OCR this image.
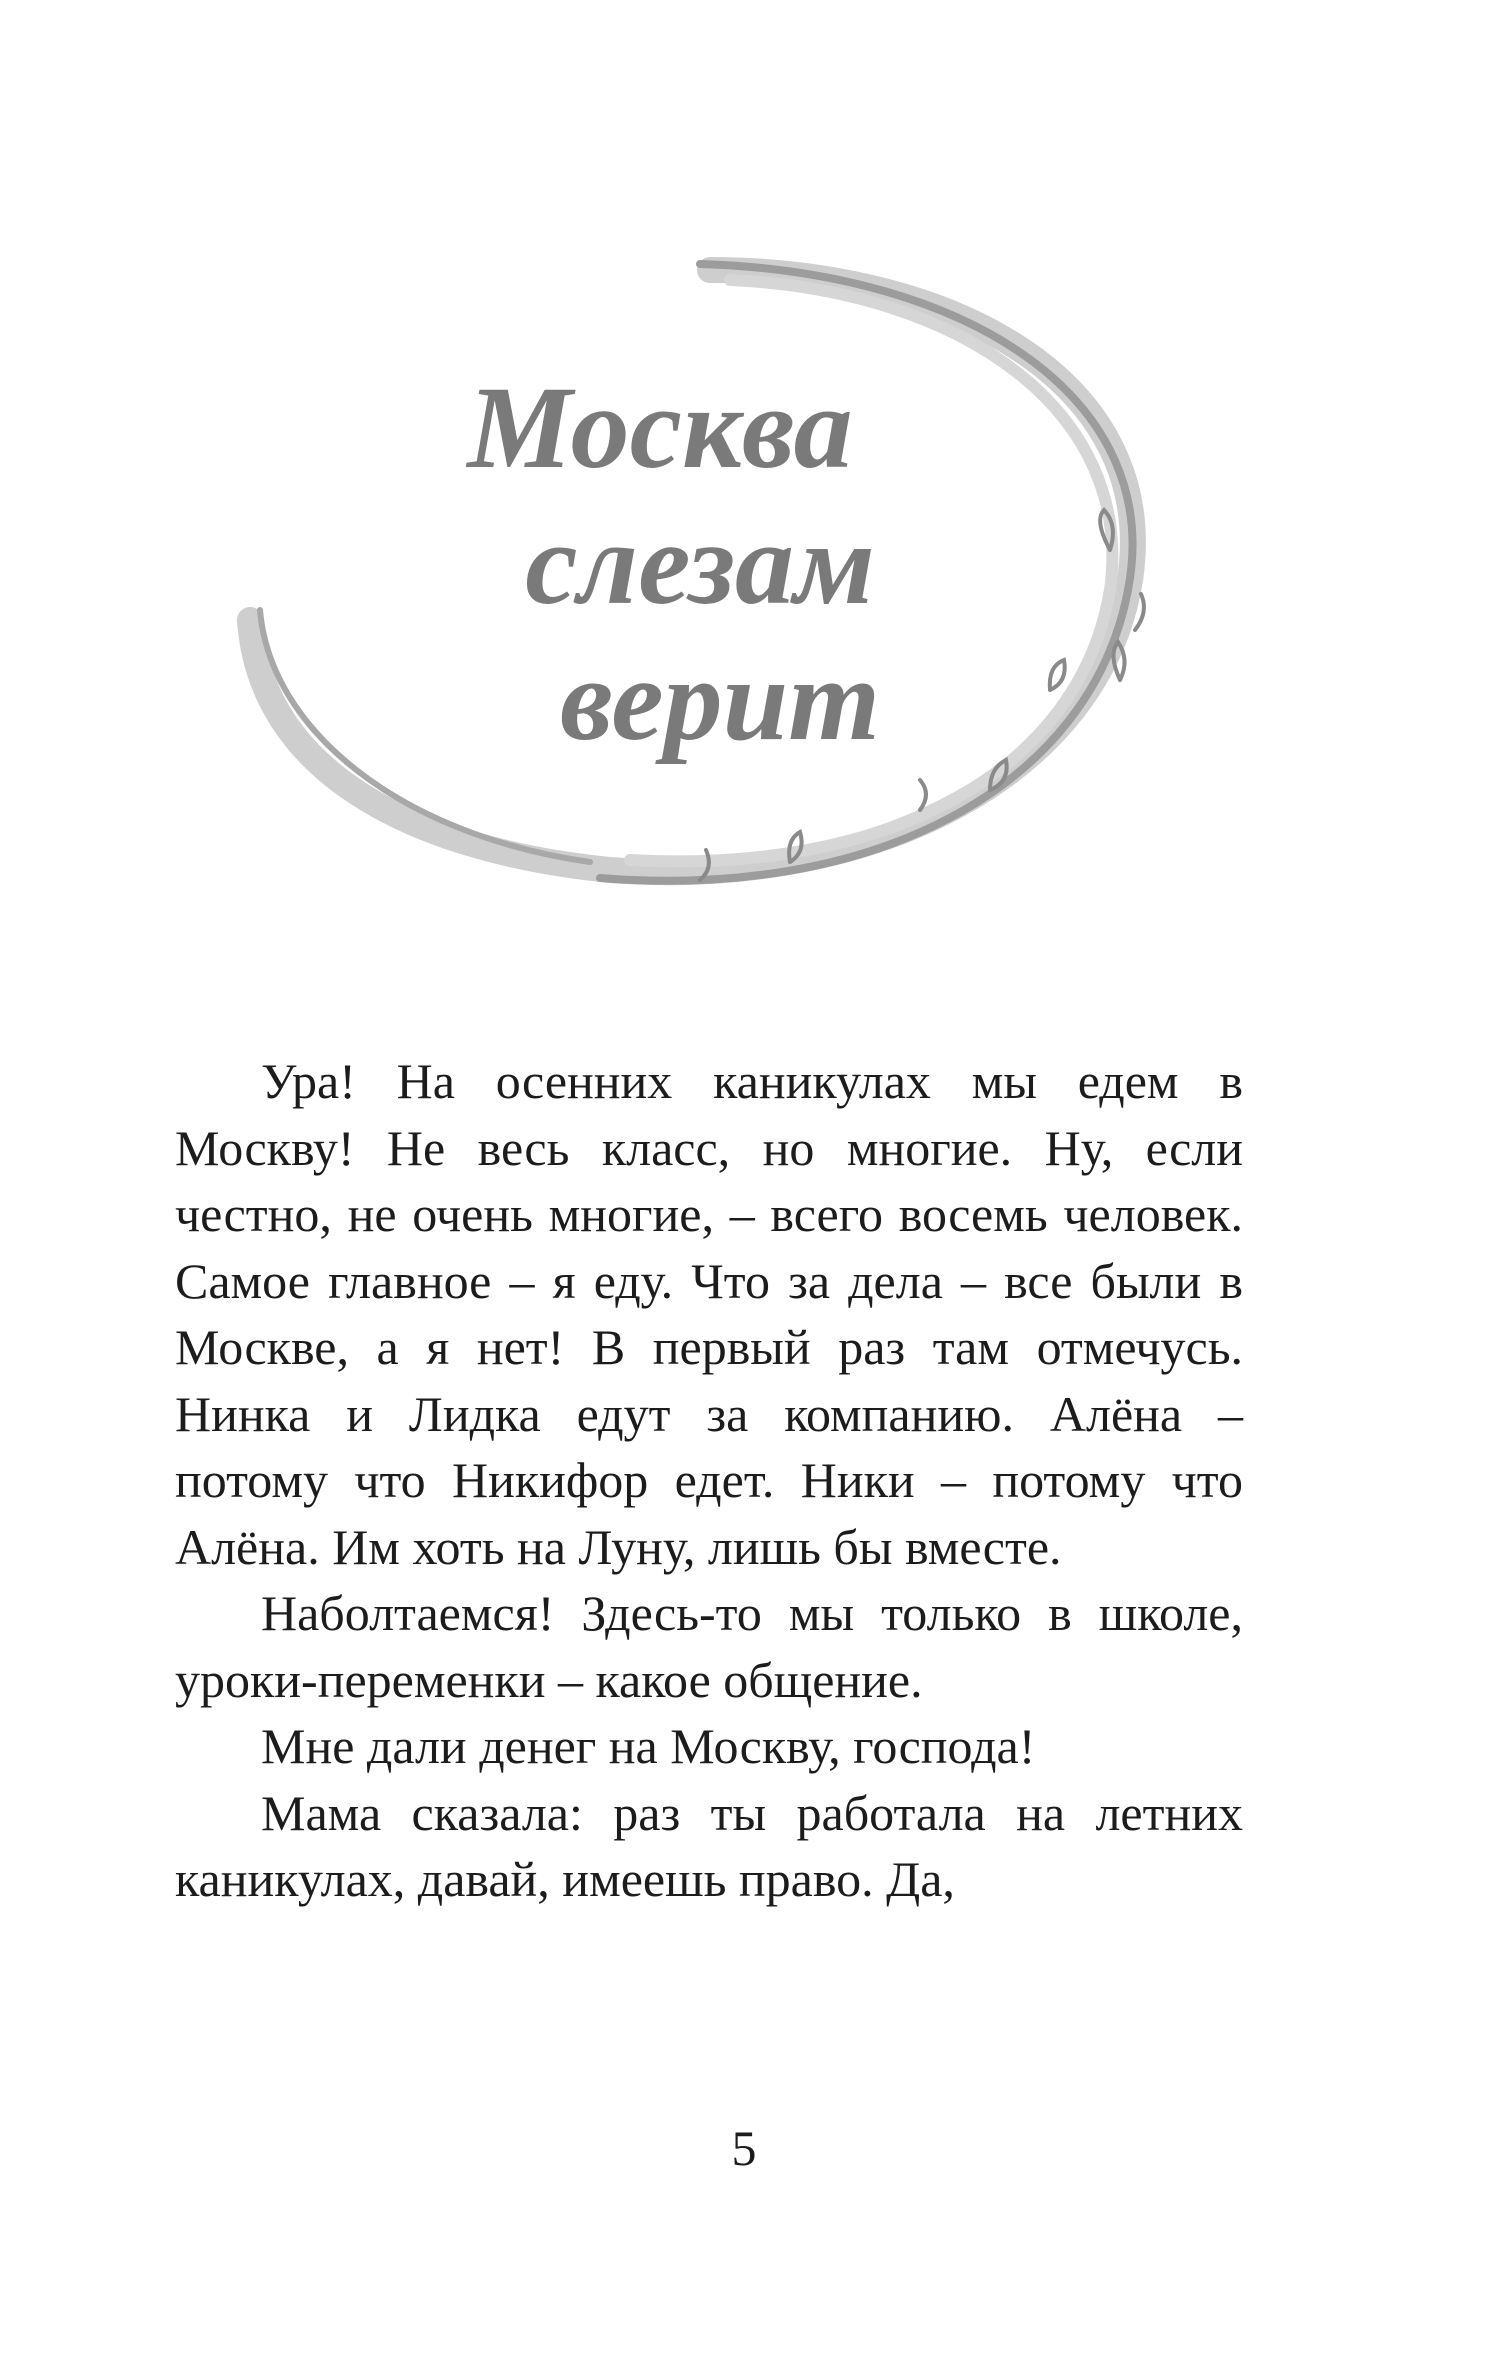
Москва
слезам
верит

Ура! На осенних каникулах мы едем в Москву! Не весь класс, но многие. Ну, если честно, не очень многие, – всего восемь человек. Самое главное – я еду. Что за дела – все были в Москве, а я нет! В первый раз там отмечусь. Нинка и Лидка едут за компанию. Алёна – потому что Никифор едет. Ники – потому что Алёна. Им хоть на Луну, лишь бы вместе.

Наболтаемся! Здесь-то мы только в школе, уроки-переменки – какое общение.

Мне дали денег на Москву, господа!

Мама сказала: раз ты работала на летних каникулах, давай, имеешь право. Да,

5
